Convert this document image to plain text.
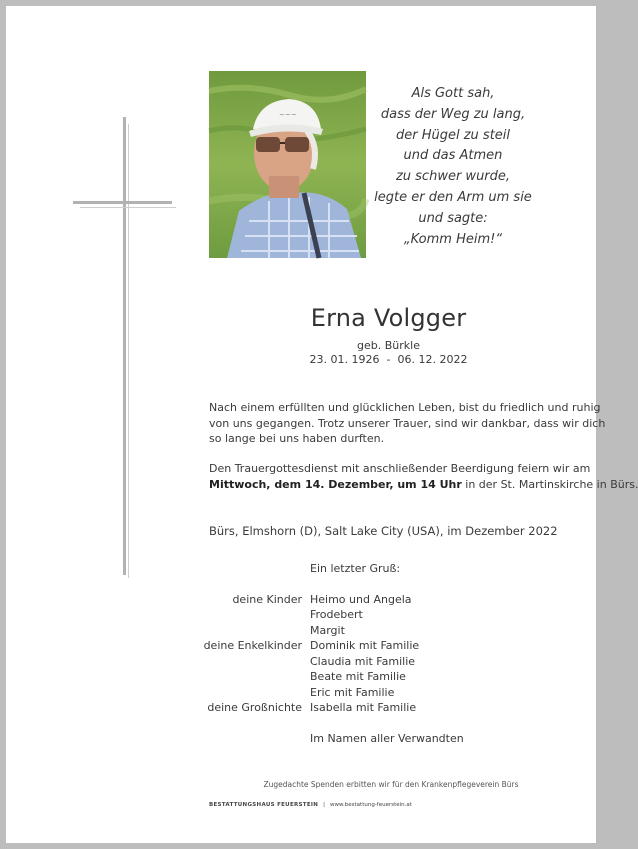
~~~
Als Gott sah,
dass der Weg zu lang,
der Hügel zu steil
und das Atmen
zu schwer wurde,
legte er den Arm um sie
und sagte:
„Komm Heim!“
Erna Volgger
geb. Bürkle
23. 01. 1926  -  06. 12. 2022
Nach einem erfüllten und glücklichen Leben, bist du friedlich und ruhig
von uns gegangen. Trotz unserer Trauer, sind wir dankbar, dass wir dich
so lange bei uns haben durften.
Den Trauergottesdienst mit anschließender Beerdigung feiern wir am
Mittwoch, dem 14. Dezember, um 14 Uhr in der St. Martinskirche in Bürs.
Bürs, Elmshorn (D), Salt Lake City (USA), im Dezember 2022
Ein letzter Gruß:
deine Kinder Heimo und Angela
Frodebert
Margit
deine Enkelkinder Dominik mit Familie
Claudia mit Familie
Beate mit Familie
Eric mit Familie
deine Großnichte Isabella mit Familie
Im Namen aller Verwandten
Zugedachte Spenden erbitten wir für den Krankenpflegeverein Bürs
BESTATTUNGSHAUS FEUERSTEIN | www.bestattung-feuerstein.at
